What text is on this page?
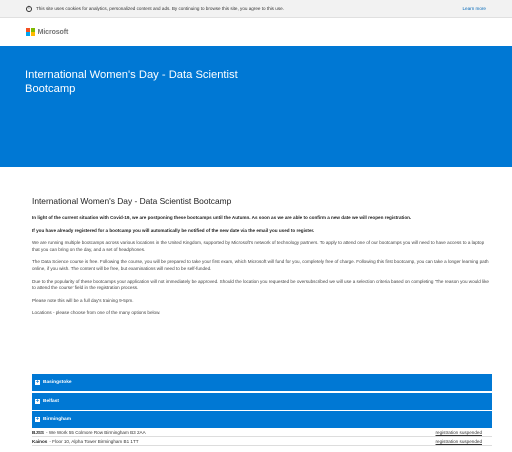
i	This site uses cookies for analytics, personalized content and ads. By continuing to browse this site, you agree to this use.	Learn more
Microsoft
International Women's Day - Data Scientist Bootcamp
International Women's Day - Data Scientist Bootcamp

In light of the current situation with Covid-19, we are postponing these bootcamps until the Autumn. As soon as we are able to confirm a new date we will reopen registration.

If you have already registered for a bootcamp you will automatically be notified of the new date via the email you used to register.

We are running multiple bootcamps across various locations in the United Kingdom, supported by Microsoft's network of technology partners. To apply to attend one of our bootcamps you will need to have access to a laptop that you can bring on the day, and a set of headphones.

The Data Science course is free. Following the course, you will be prepared to take your first exam, which Microsoft will fund for you, completely free of charge. Following this first bootcamp, you can take a longer learning path online, if you wish. The content will be free, but examinations will need to be self-funded.

Due to the popularity of these bootcamps your application will not immediately be approved. Should the location you requested be oversubscribed we will use a selection criteria based on completing 'The reason you would like to attend the course' field in the registration process.

Please note this will be a full day's training 9-5pm.

Locations - please choose from one of the many options below.

+ Basingstoke
+ Belfast
+ Birmingham
BJSS - We Work 55 Colmore Row Birmingham B3 2AA	registration suspended
Kainos - Floor 10, Alpha Tower Birmingham B1 1TT	registration suspended
